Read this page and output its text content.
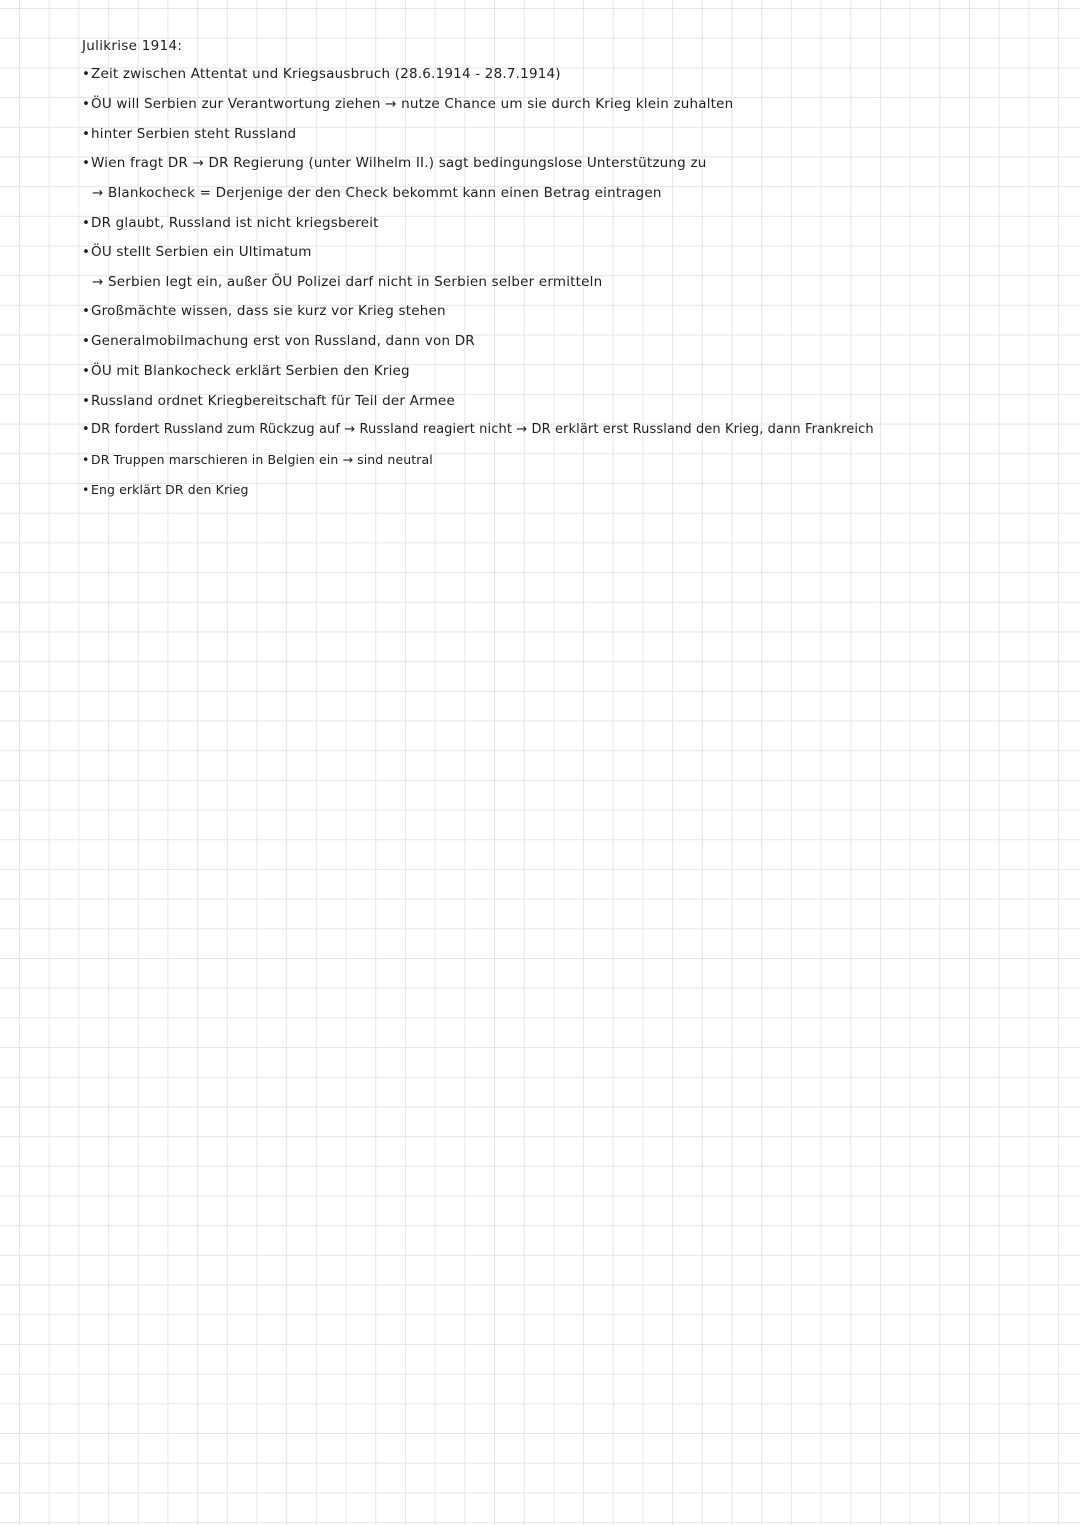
Julikrise 1914:
•Zeit zwischen Attentat und Kriegsausbruch (28.6.1914 - 28.7.1914)
•ÖU will Serbien zur Verantwortung ziehen → nutze Chance um sie durch Krieg klein zuhalten
•hinter Serbien steht Russland
•Wien fragt DR → DR Regierung (unter Wilhelm II.) sagt bedingungslose Unterstützung zu
→ Blankocheck = Derjenige der den Check bekommt kann einen Betrag eintragen
•DR glaubt, Russland ist nicht kriegsbereit
•ÖU stellt Serbien ein Ultimatum
→ Serbien legt ein, außer ÖU Polizei darf nicht in Serbien selber ermitteln
•Großmächte wissen, dass sie kurz vor Krieg stehen
•Generalmobilmachung erst von Russland, dann von DR
•ÖU mit Blankocheck erklärt Serbien den Krieg
•Russland ordnet Kriegbereitschaft für Teil der Armee
•DR fordert Russland zum Rückzug auf → Russland reagiert nicht → DR erklärt erst Russland den Krieg, dann Frankreich
• DR Truppen marschieren in Belgien ein → sind neutral
• Eng erklärt DR den Krieg
